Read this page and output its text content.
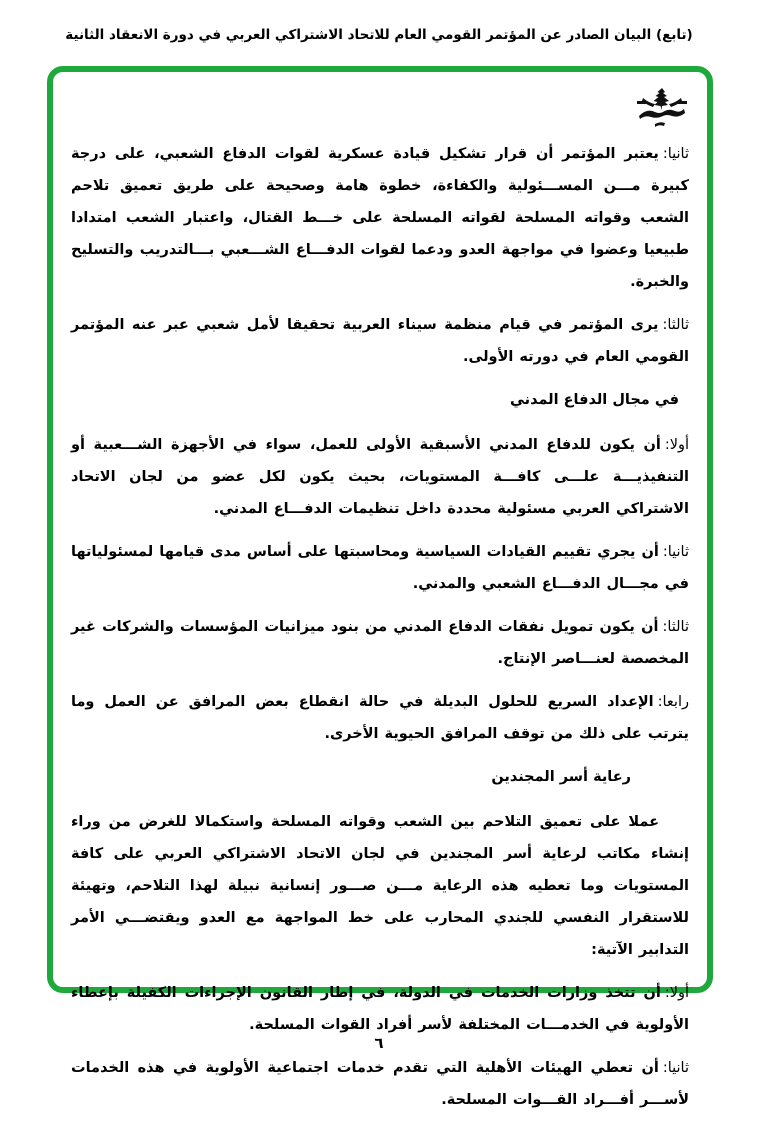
(تابع) البيان الصادر عن المؤتمر القومي العام للاتحاد الاشتراكي العربي في دورة الانعقاد الثانية

ثانيا:يعتبر المؤتمر أن قرار تشكيل قيادة عسكرية لقوات الدفاع الشعبي، على درجة كبيرة مـــن المســـئولية والكفاءة، خطوة هامة وصحيحة على طريق تعميق تلاحم الشعب وقواته المسلحة لقواته المسلحة على خـــط القتال، واعتبار الشعب امتدادا طبيعيا وعضوا في مواجهة العدو ودعما لقوات الدفـــاع الشـــعبي بـــالتدريب والتسليح والخبرة.

ثالثا:يرى المؤتمر في قيام منظمة سيناء العربية تحقيقا لأمل شعبي عبر عنه المؤتمر القومي العام في دورته الأولى.

في مجال الدفاع المدني

أولا:أن يكون للدفاع المدني الأسبقية الأولى للعمل، سواء في الأجهزة الشـــعبية أو التنفيذيـــة علـــى كافـــة المستويات، بحيث يكون لكل عضو من لجان الاتحاد الاشتراكي العربي مسئولية محددة داخل تنظيمات الدفـــاع المدني.

ثانيا:أن يجري تقييم القيادات السياسية ومحاسبتها على أساس مدى قيامها لمسئولياتها في مجـــال الدفـــاع الشعبي والمدني.

ثالثا:أن يكون تمويل نفقات الدفاع المدني من بنود ميزانيات المؤسسات والشركات غير المخصصة لعنـــاصر الإنتاج.

رابعا:الإعداد السريع للحلول البديلة في حالة انقطاع بعض المرافق عن العمل وما يترتب على ذلك من توقف المرافق الحيوية الأخرى.

رعاية أسر المجندين

عملا على تعميق التلاحم بين الشعب وقواته المسلحة واستكمالا للغرض من وراء إنشاء مكاتب لرعاية أسر المجندين في لجان الاتحاد الاشتراكي العربي على كافة المستويات وما تعطيه هذه الرعاية مـــن صـــور إنسانية نبيلة لهذا التلاحم، وتهيئة للاستقرار النفسي للجندي المحارب على خط المواجهة مع العدو ويقتضـــي الأمر التدابير الآتية:

أولا:أن تتخذ وزارات الخدمات في الدولة، في إطار القانون الإجراءات الكفيلة بإعطاء الأولوية في الخدمـــات المختلفة لأسر أفراد القوات المسلحة.

ثانيا:أن تعطي الهيئات الأهلية التي تقدم خدمات اجتماعية الأولوية في هذه الخدمات لأســـر أفـــراد القـــوات المسلحة.

٦
